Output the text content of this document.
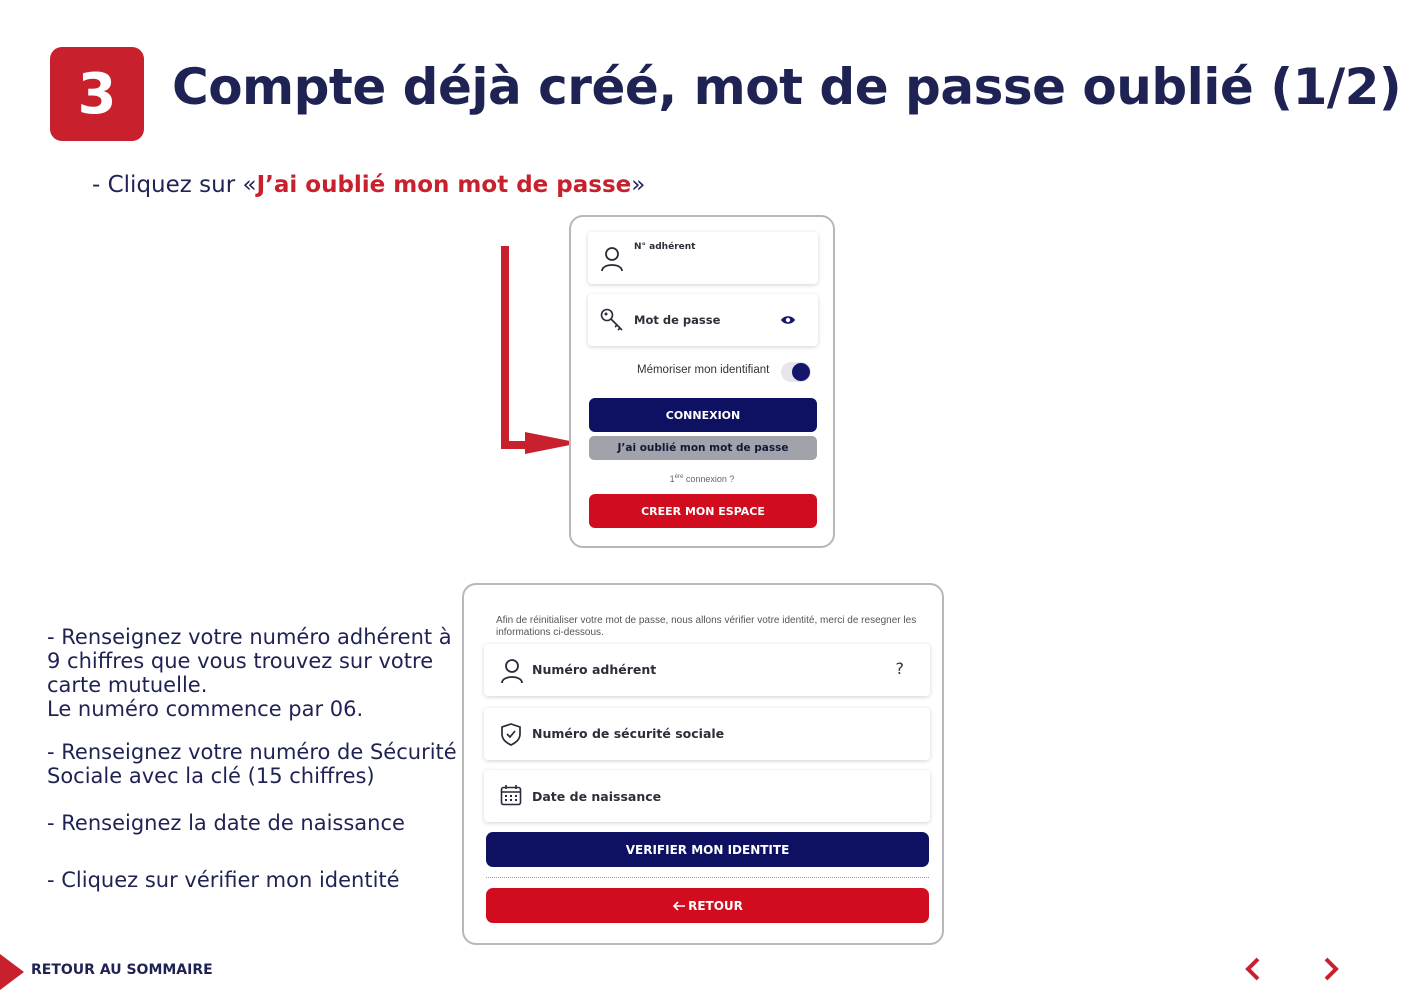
3	Compte déjà créé, mot de passe oublié (1/2)
- Cliquez sur «J’ai oublié mon mot de passe»
N° adhérent
Mot de passe
Mémoriser mon identifiant
CONNEXION
J’ai oublié mon mot de passe
1ère connexion ?
CREER MON ESPACE
Afin de réinitialiser votre mot de passe, nous allons vérifier votre identité, merci de resegner les informations ci-dessous.
Numéro adhérent	?
Numéro de sécurité sociale
Date de naissance
VERIFIER MON IDENTITE
RETOUR
- Renseignez votre numéro adhérent à
9 chiffres que vous trouvez sur votre
carte mutuelle.
Le numéro commence par 06.
- Renseignez votre numéro de Sécurité
Sociale avec la clé (15 chiffres)
- Renseignez la date de naissance
- Cliquez sur vérifier mon identité
RETOUR AU SOMMAIRE
